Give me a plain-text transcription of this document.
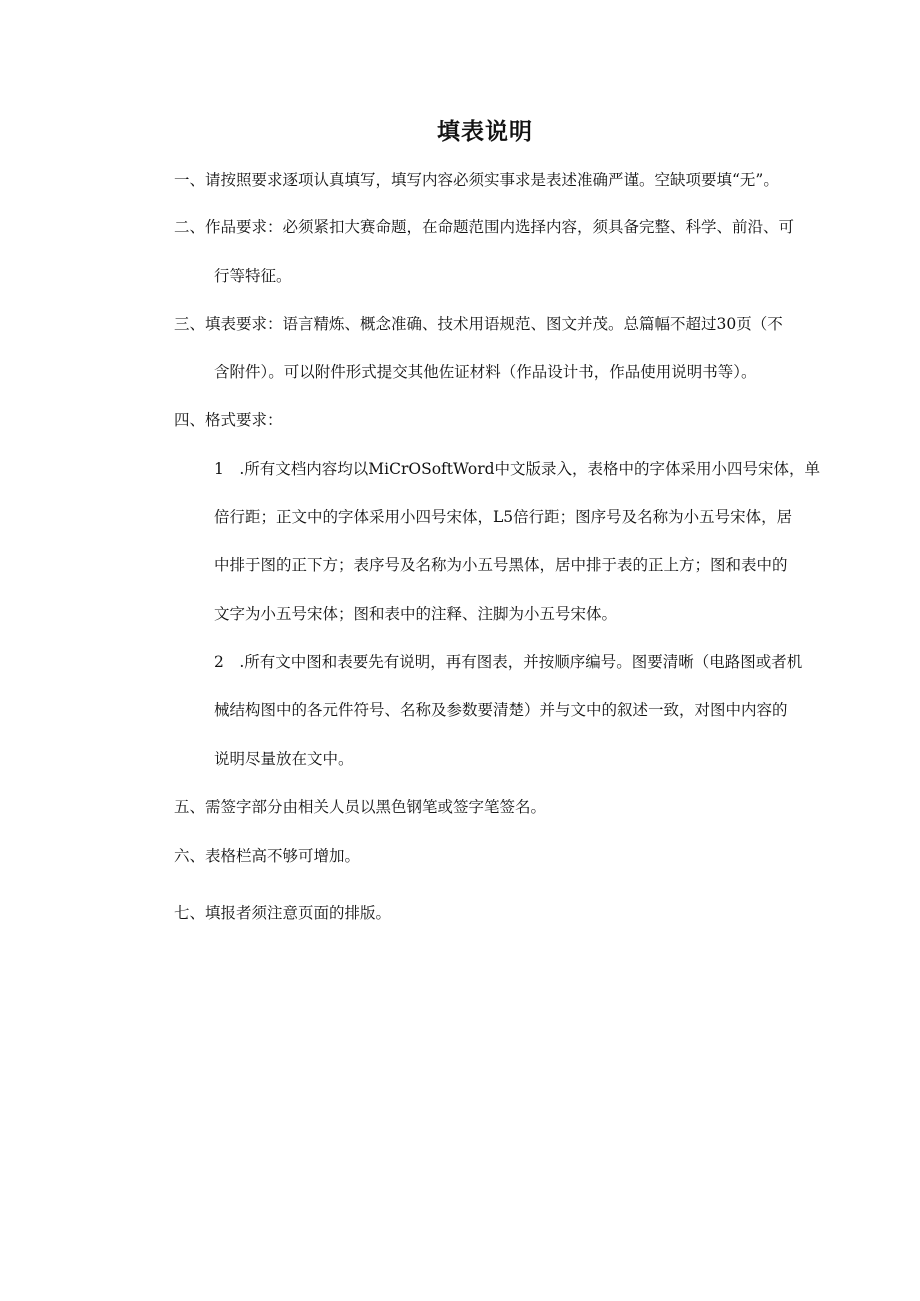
填表说明

一、请按照要求逐项认真填写，填写内容必须实事求是表述准确严谨。空缺项要填“无”。

二、作品要求：必须紧扣大赛命题，在命题范围内选择内容，须具备完整、科学、前沿、可

行等特征。

三、填表要求：语言精炼、概念准确、技术用语规范、图文并茂。总篇幅不超过30页（不

含附件）。可以附件形式提交其他佐证材料（作品设计书，作品使用说明书等）。

四、格式要求：

1　.所有文档内容均以MiCrOSoftWord中文版录入，表格中的字体采用小四号宋体，单

倍行距；正文中的字体采用小四号宋体，L5倍行距；图序号及名称为小五号宋体，居

中排于图的正下方；表序号及名称为小五号黑体，居中排于表的正上方；图和表中的

文字为小五号宋体；图和表中的注释、注脚为小五号宋体。

2　.所有文中图和表要先有说明，再有图表，并按顺序编号。图要清晰（电路图或者机

械结构图中的各元件符号、名称及参数要清楚）并与文中的叙述一致，对图中内容的

说明尽量放在文中。

五、需签字部分由相关人员以黑色钢笔或签字笔签名。

六、表格栏高不够可增加。

七、填报者须注意页面的排版。
